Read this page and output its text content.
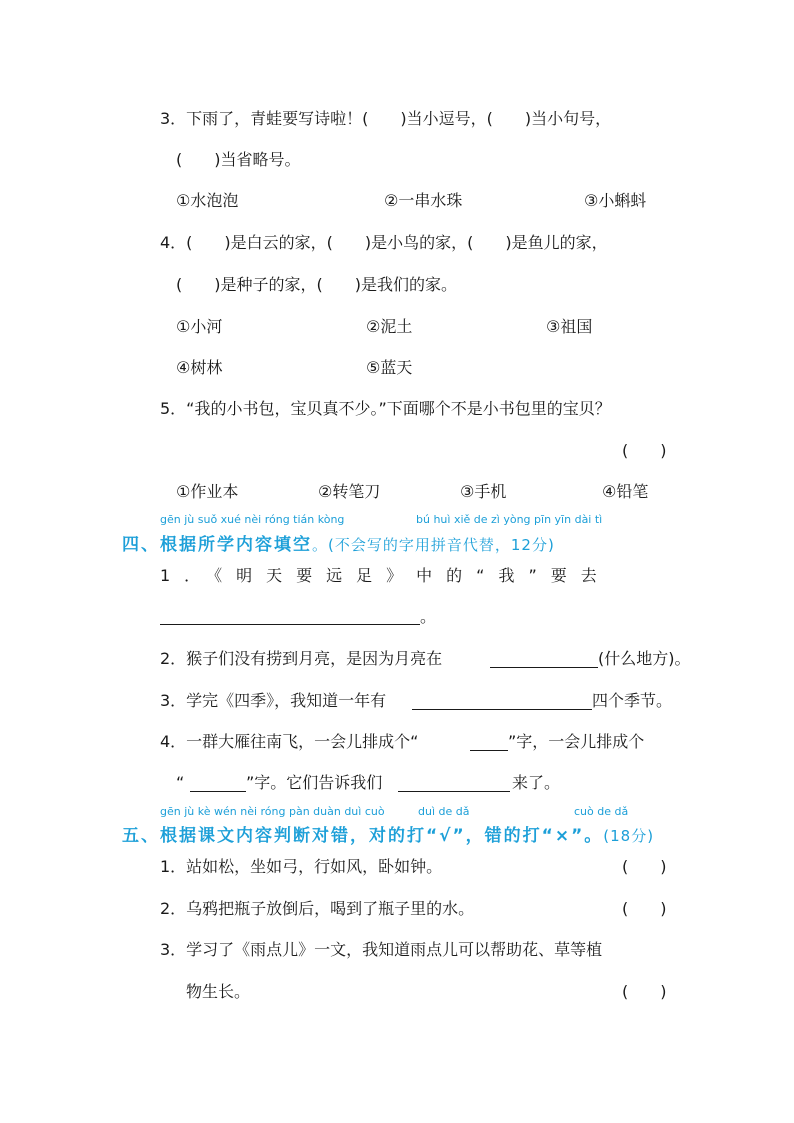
3．下雨了，青蛙要写诗啦！(　　)当小逗号，(　　)当小句号，
(　　)当省略号。
①水泡泡	②一串水珠	③小蝌蚪
4．(　　)是白云的家，(　　)是小鸟的家，(　　)是鱼儿的家，
(　　)是种子的家，(　　)是我们的家。
①小河	②泥土	③祖国
④树林	⑤蓝天
5．“我的小书包，宝贝真不少。”下面哪个不是小书包里的宝贝？
(　　)
①作业本	②转笔刀	③手机	④铅笔
gēn jù suǒ xué nèi róng tián kòng	bú huì xiě de zì yòng pīn yīn dài tì
四、根据所学内容填空。(不会写的字用拼音代替，12分)
1．《明天要远足》中的“我”要去
。
2．猴子们没有捞到月亮，是因为月亮在	(什么地方)。
3．学完《四季》，我知道一年有	四个季节。
4．一群大雁往南飞，一会儿排成个“	”字，一会儿排成个
“	”字。它们告诉我们	来了。
gēn jù kè wén nèi róng pàn duàn duì cuò	duì de dǎ	cuò de dǎ
五、根据课文内容判断对错，对的打“√”，错的打“×”。(18分)
1．站如松，坐如弓，行如风，卧如钟。	(　　)
2．乌鸦把瓶子放倒后，喝到了瓶子里的水。	(　　)
3．学习了《雨点儿》一文，我知道雨点儿可以帮助花、草等植
物生长。	(　　)
